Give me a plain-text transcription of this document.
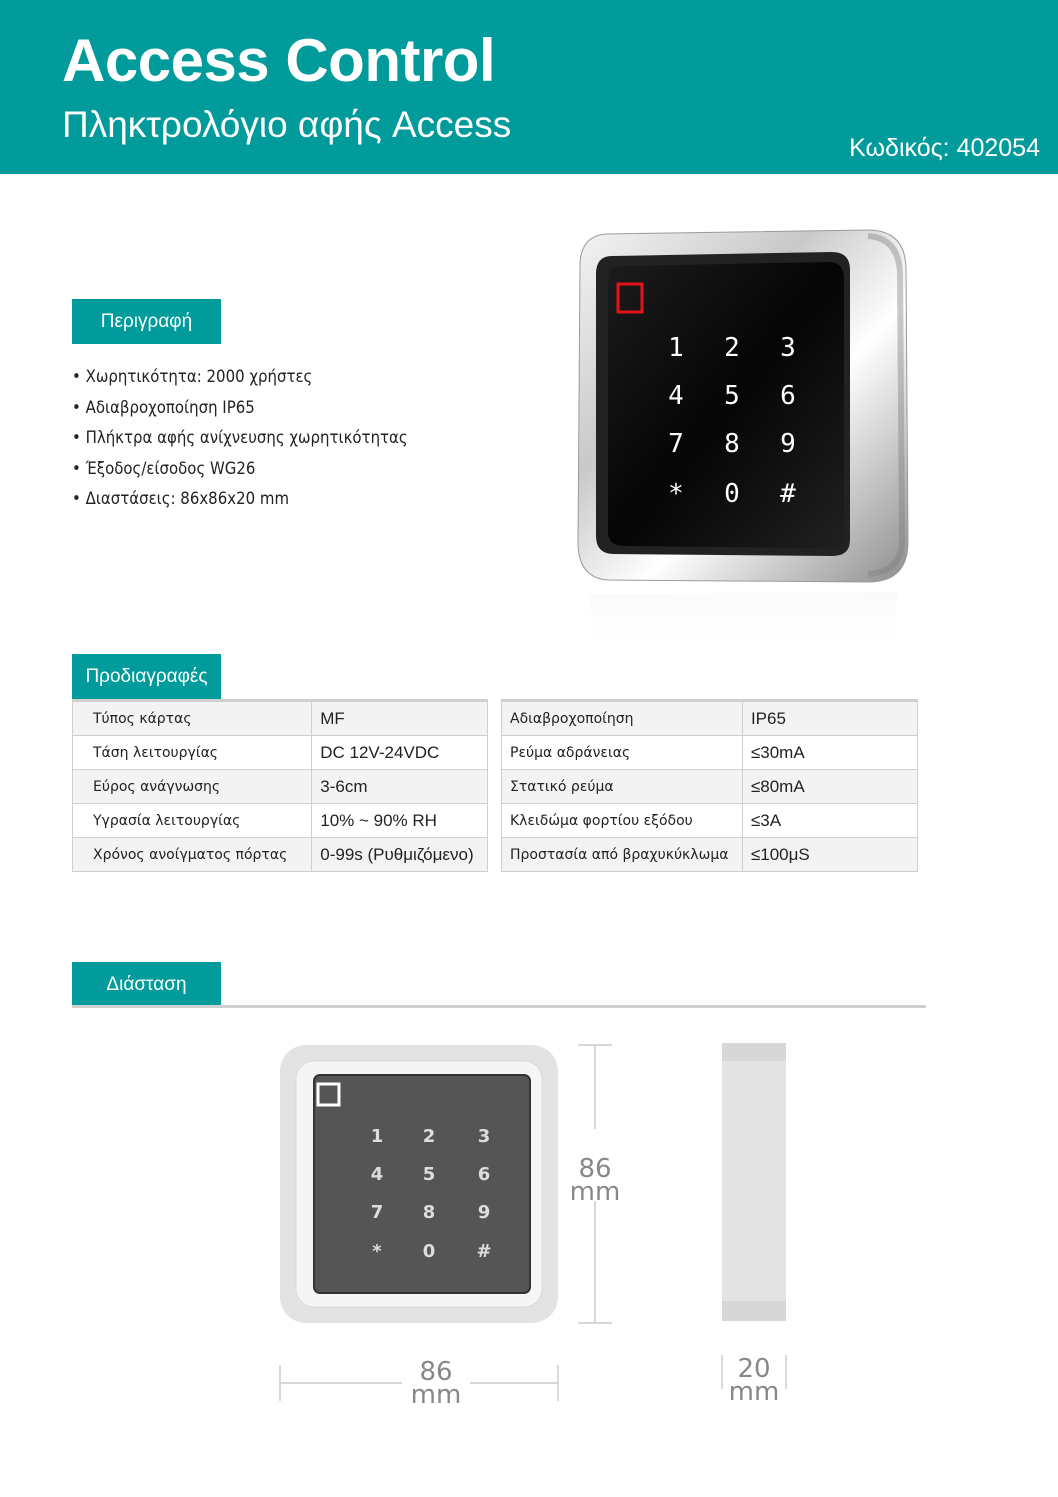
Access Control
Πληκτρολόγιο αφής Access
Κωδικός: 402054
Περιγραφή
• Χωρητικότητα: 2000 χρήστες
• Αδιαβροχοποίηση IP65
• Πλήκτρα αφής ανίχνευσης χωρητικότητας
• Έξοδος/είσοδος WG26
• Διαστάσεις: 86x86x20 mm
1 2 3
4 5 6
7 8 9
* 0 #
Προδιαγραφές
Τύπος κάρτας	MF
Τάση λειτουργίας	DC 12V-24VDC
Εύρος ανάγνωσης	3-6cm
Υγρασία λειτουργίας	10% ~ 90% RH
Χρόνος ανοίγματος πόρτας	0-99s (Ρυθμιζόμενο)
Αδιαβροχοποίηση	IP65
Ρεύμα αδράνειας	≤30mA
Στατικό ρεύμα	≤80mA
Κλειδώμα φορτίου εξόδου	≤3A
Προστασία από βραχυκύκλωμα	≤100μS
Διάσταση
1 2 3
4 5 6
7 8 9
* 0 #
86
mm
86
mm
20
mm
